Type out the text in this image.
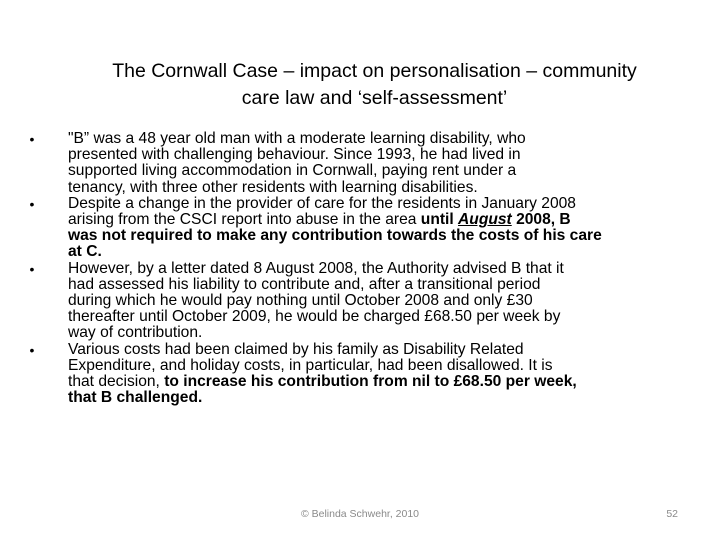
The Cornwall Case – impact on personalisation – community
care law and ‘self-assessment’
• "B” was a 48 year old man with a moderate learning disability, who
presented with challenging behaviour. Since 1993, he had lived in
supported living accommodation in Cornwall, paying rent under a
tenancy, with three other residents with learning disabilities.
• Despite a change in the provider of care for the residents in January 2008
arising from the CSCI report into abuse in the area until August 2008, B
was not required to make any contribution towards the costs of his care
at C.
• However, by a letter dated 8 August 2008, the Authority advised B that it
had assessed his liability to contribute and, after a transitional period
during which he would pay nothing until October 2008 and only £30
thereafter until October 2009, he would be charged £68.50 per week by
way of contribution.
• Various costs had been claimed by his family as Disability Related
Expenditure, and holiday costs, in particular, had been disallowed. It is
that decision, to increase his contribution from nil to £68.50 per week,
that B challenged.
© Belinda Schwehr, 2010	52
